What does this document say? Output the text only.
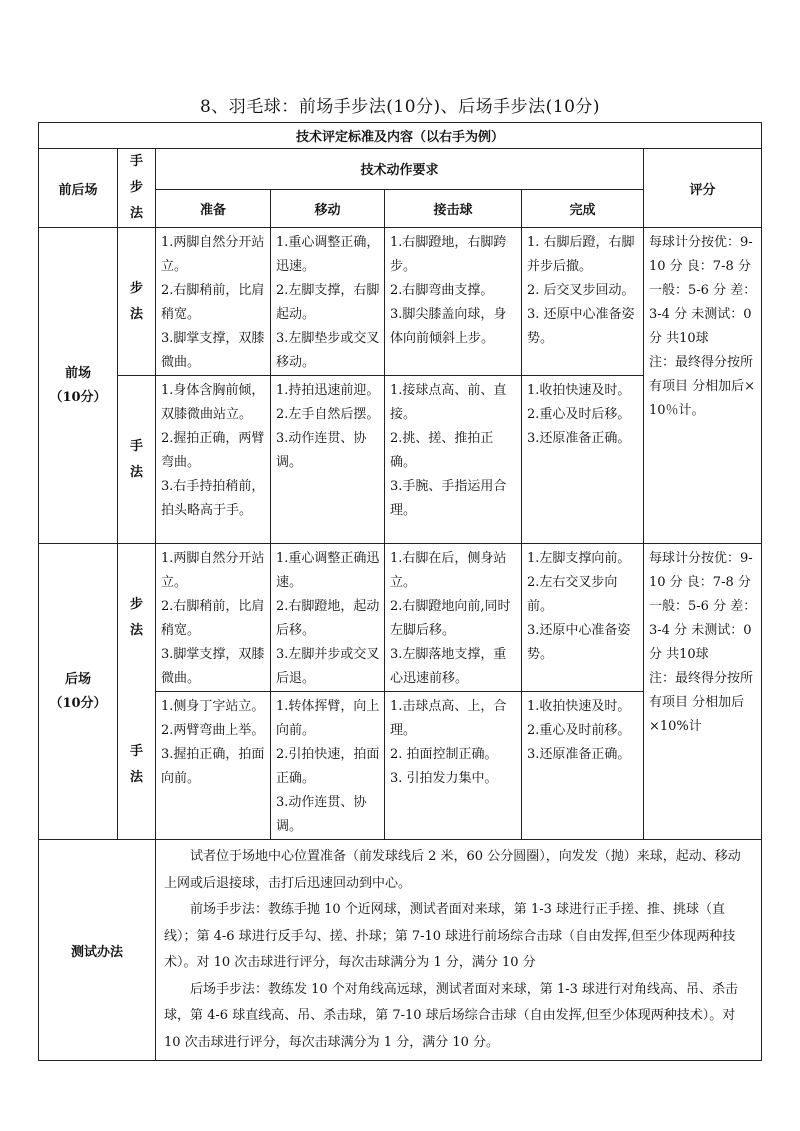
8、羽毛球：前场手步法(10分)、后场手步法(10分)
技术评定标准及内容（以右手为例）						
前后场	手
步
法	技术动作要求				评分
		准备	移动	接击球	完成	

前场
（10分）	步
法	1.两脚自然分开站立。
2.右脚稍前，比肩稍宽。
3.脚掌支撑，双膝微曲。	1.重心调整正确，迅速。
2.左脚支撑，右脚起动。
3.左脚垫步或交叉移动。	1.右脚蹬地，右脚跨步。
2.右脚弯曲支撑。
3.脚尖膝盖向球，身体向前倾斜上步。	1. 右脚后蹬，右脚并步后撤。
2. 后交叉步回动。
3. 还原中心准备姿势。	每球计分按优：9-10 分 良：7-8 分 一般：5-6 分 差：3-4 分 未测试：0 分 共10球
注：最终得分按所有项目 分相加后× 10％计。

	手
法	1.身体含胸前倾，双膝微曲站立。
2.握拍正确，两臂弯曲。
3.右手持拍稍前，拍头略高于手。	1.持拍迅速前迎。
2.左手自然后摆。
3.动作连贯、协调。	1.接球点高、前、直接。
2.挑、搓、推拍正确。
3.手腕、手指运用合理。	1.收拍快速及时。
2.重心及时后移。
3.还原准备正确。	

后场
（10分）	步
法	1.两脚自然分开站立。
2.右脚稍前，比肩稍宽。
3.脚掌支撑，双膝微曲。	1.重心调整正确迅速。
2.右脚蹬地，起动后移。
3.左脚并步或交叉后退。	1.右脚在后，侧身站立。
2.右脚蹬地向前,同时左脚后移。
3.左脚落地支撑，重心迅速前移。	1.左脚支撑向前。
2.左右交叉步向前。
3.还原中心准备姿势。	每球计分按优：9-10 分 良：7-8 分 一般：5-6 分 差：3-4 分 未测试：0 分 共10球
注：最终得分按所有项目 分相加后×10%计

	手
法	1.侧身丁字站立。
2.两臂弯曲上举。
3.握拍正确，拍面向前。	1.转体挥臂，向上向前。
2.引拍快速，拍面正确。
3.动作连贯、协调。	1.击球点高、上，合理。
2. 拍面控制正确。
3. 引拍发力集中。	1.收拍快速及时。
2.重心及时前移。
3.还原准备正确。	

测试办法		试者位于场地中心位置准备（前发球线后 2 米，60 公分圆圈），向发发（抛）来球，起动、移动上网或后退接球，击打后迅速回动到中心。

前场手步法：教练手抛 10 个近网球，测试者面对来球，第 1-3 球进行正手搓、推、挑球（直线）；第 4-6 球进行反手勾、搓、扑球；第 7-10 球进行前场综合击球（自由发挥,但至少体现两种技术）。对 10 次击球进行评分，每次击球满分为 1 分，满分 10 分

后场手步法：教练发 10 个对角线高远球，测试者面对来球，第 1-3 球进行对角线高、吊、杀击球，第 4-6 球直线高、吊、杀击球，第 7-10 球后场综合击球（自由发挥,但至少体现两种技术）。对 10 次击球进行评分，每次击球满分为 1 分，满分 10 分。				
